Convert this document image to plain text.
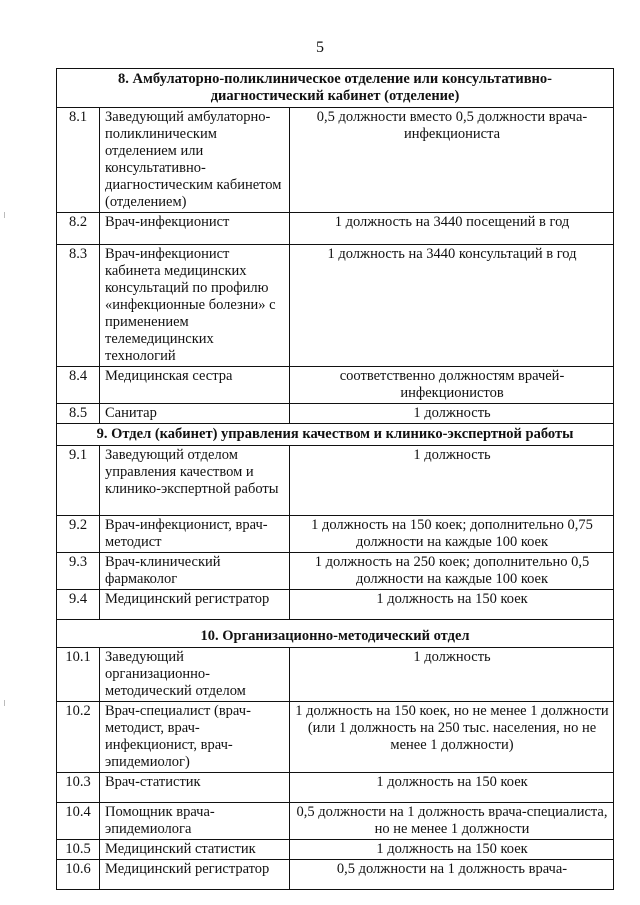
5
8. Амбулаторно-поликлиническое отделение или консультативно-диагностический кабинет (отделение)		
8.1	Заведующий амбулаторно-поликлиническим отделением или консультативно-диагностическим кабинетом (отделением)	0,5 должности вместо 0,5 должности врача-инфекциониста
8.2	Врач-инфекционист	1 должность на 3440 посещений в год
8.3	Врач-инфекционист кабинета медицинских консультаций по профилю «инфекционные болезни» с применением телемедицинских технологий	1 должность на 3440 консультаций в год
8.4	Медицинская сестра	соответственно должностям врачей-инфекционистов
8.5	Санитар	1 должность
9. Отдел (кабинет) управления качеством и клинико-экспертной работы		
9.1	Заведующий отделом управления качеством и клинико-экспертной работы	1 должность
9.2	Врач-инфекционист, врач-методист	1 должность на 150 коек; дополнительно 0,75 должности на каждые 100 коек
9.3	Врач-клинический фармаколог	1 должность на 250 коек; дополнительно 0,5 должности на каждые 100 коек
9.4	Медицинский регистратор	1 должность на 150 коек
10. Организационно-методический отдел		
10.1	Заведующий организационно-методический отделом	1 должность
10.2	Врач-специалист (врач-методист, врач-инфекционист, врач-эпидемиолог)	1 должность на 150 коек, но не менее 1 должности (или 1 должность на 250 тыс. населения, но не менее 1 должности)
10.3	Врач-статистик	1 должность на 150 коек
10.4	Помощник врача-эпидемиолога	0,5 должности на 1 должность врача-специалиста, но не менее 1 должности
10.5	Медицинский статистик	1 должность на 150 коек
10.6	Медицинский регистратор	0,5 должности на 1 должность врача-
